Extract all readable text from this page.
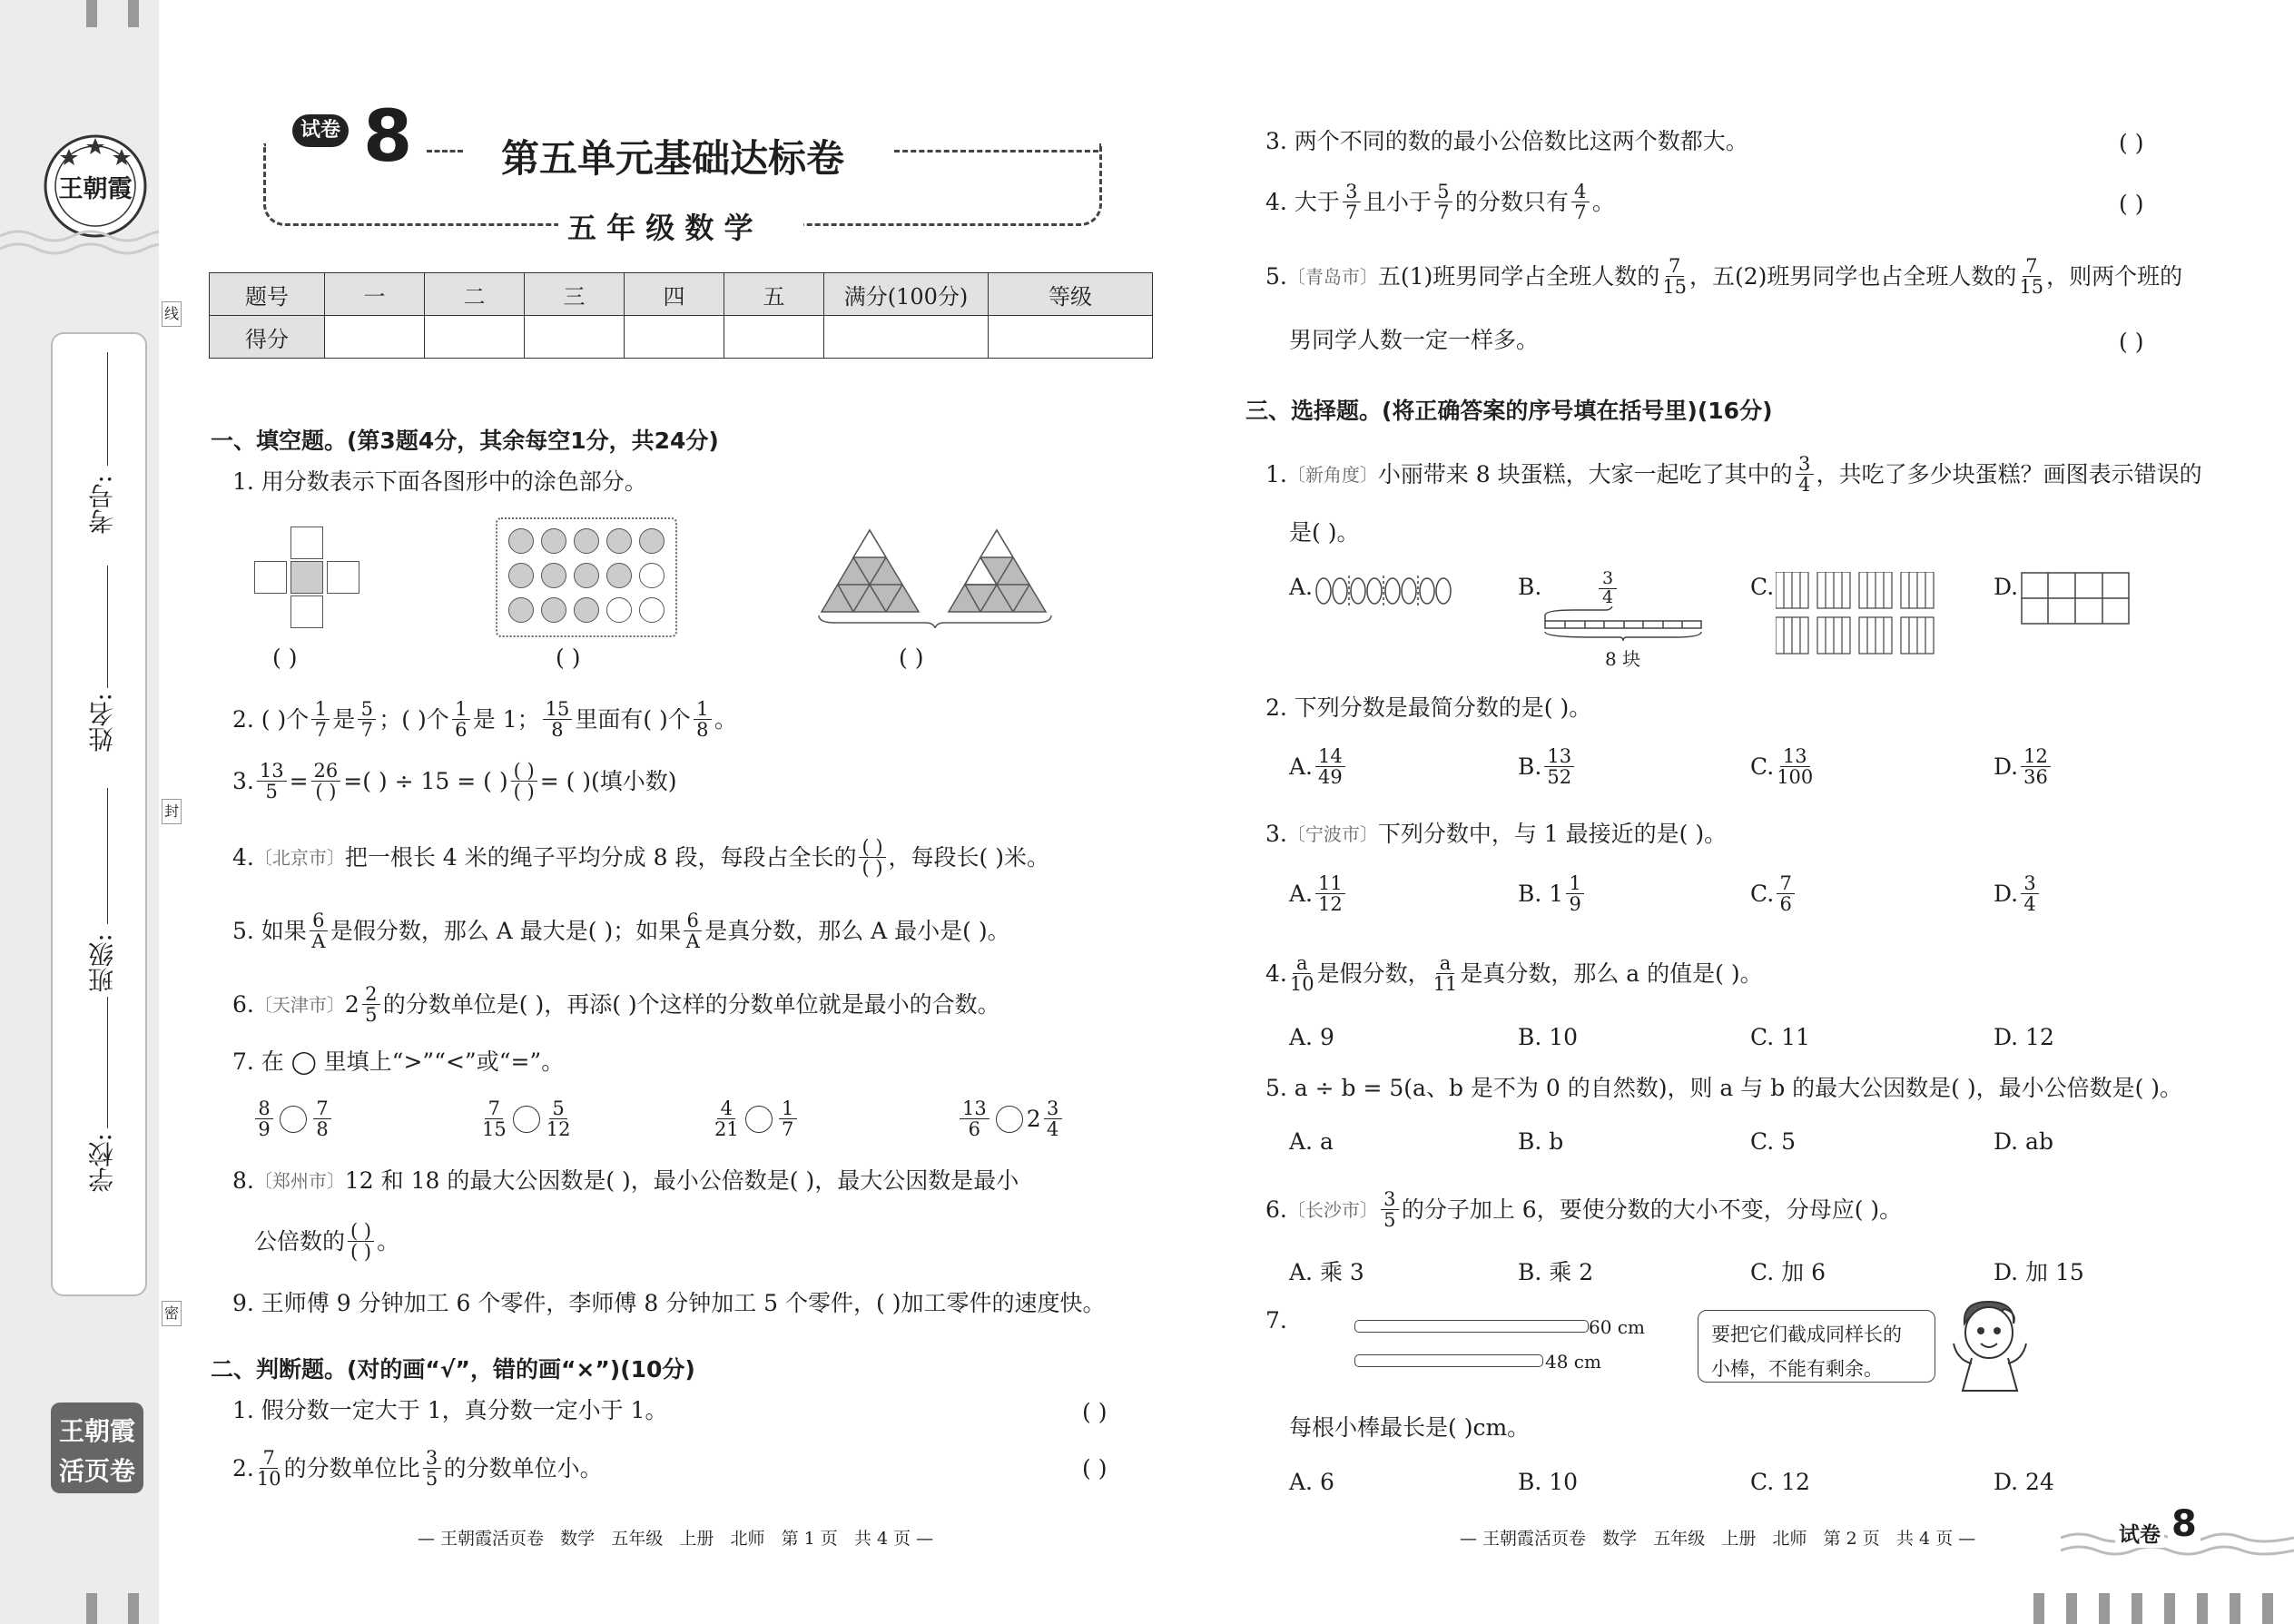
王朝霞
学校:
班级:
姓名:
考号:
线
封
密
王朝霞
活页卷
试卷 8 第五单元基础达标卷
五 年 级 数 学
题号	一	二	三	四	五	满分(100分)	等级
得分							
一、填空题。(第3题4分，其余每空1分，共24分)
1. 用分数表示下面各图形中的涂色部分。
( )	( )	( )
2. ( )个 $\frac{1}{7}$ 是 $\frac{5}{7}$ ；( )个 $\frac{1}{6}$ 是 1； $\frac{15}{8}$ 里面有( )个 $\frac{1}{8}$ 。
3. $\frac{13}{5} = \frac{26}{( )}$ =( ) ÷ 15 = ( ) $\frac{( )}{( )}$ = ( )(填小数)
4. 〔北京市〕 把一根长 4 米的绳子平均分成 8 段，每段占全长的 $\frac{( )}{( )}$ ，每段长( )米。
5. 如果 $\frac{6}{A}$ 是假分数，那么 A 最大是( )；如果 $\frac{6}{A}$ 是真分数，那么 A 最小是( )。
6. 〔天津市〕 $2 \frac{2}{5}$ 的分数单位是( )，再添( )个这样的分数单位就是最小的合数。
7. 在 ◯ 里填上“>”“<”或“=”。
$\frac{8}{9} \frac{7}{8}$	$\frac{7}{15} \frac{5}{12}$	$\frac{4}{21} \frac{1}{7}$	$\frac{13}{6} 2 \frac{3}{4}$
8. 〔郑州市〕 12 和 18 的最大公因数是( )，最小公倍数是( )，最大公因数是最小
公倍数的 $\frac{( )}{( )}$ 。
9. 王师傅 9 分钟加工 6 个零件，李师傅 8 分钟加工 5 个零件，( )加工零件的速度快。
二、判断题。(对的画“√”，错的画“×”)(10分)
1. 假分数一定大于 1，真分数一定小于 1。	( )
2. $\frac{7}{10}$ 的分数单位比 $\frac{3}{5}$ 的分数单位小。	( )
— 王朝霞活页卷   数学   五年级   上册   北师   第 1 页   共 4 页 —
3. 两个不同的数的最小公倍数比这两个数都大。	( )
4. 大于 $\frac{3}{7}$ 且小于 $\frac{5}{7}$ 的分数只有 $\frac{4}{7}$ 。	( )
5. 〔青岛市〕 五(1)班男同学占全班人数的 $\frac{7}{15}$ ，五(2)班男同学也占全班人数的 $\frac{7}{15}$ ，则两个班的
男同学人数一定一样多。	( )
三、选择题。(将正确答案的序号填在括号里)(16分)
1. 〔新角度〕 小丽带来 8 块蛋糕，大家一起吃了其中的 $\frac{3}{4}$ ，共吃了多少块蛋糕？画图表示错误的
是( )。
A.	B.	$\frac{3}{4}$
8 块
C.	D.
2. 下列分数是最简分数的是( )。
A. $\frac{14}{49}$	B. $\frac{13}{52}$	C. $\frac{13}{100}$	D. $\frac{12}{36}$
3. 〔宁波市〕 下列分数中，与 1 最接近的是( )。
A. $\frac{11}{12}$	B. $1 \frac{1}{9}$	C. $\frac{7}{6}$	D. $\frac{3}{4}$
4. $\frac{a}{10}$ 是假分数， $\frac{a}{11}$ 是真分数，那么 a 的值是( )。
A. 9	B. 10	C. 11	D. 12
5. a ÷ b = 5(a、b 是不为 0 的自然数)，则 a 与 b 的最大公因数是( )，最小公倍数是( )。
A. a	B. b	C. 5	D. ab
6. 〔长沙市〕 $\frac{3}{5}$ 的分子加上 6，要使分数的大小不变，分母应( )。
A. 乘 3	B. 乘 2	C. 加 6	D. 加 15
7.	60 cm
48 cm
要把它们截成同样长的
小棒，不能有剩余。
每根小棒最长是( )cm。
A. 6	B. 10	C. 12	D. 24
— 王朝霞活页卷   数学   五年级   上册   北师   第 2 页   共 4 页 —	试卷 8
